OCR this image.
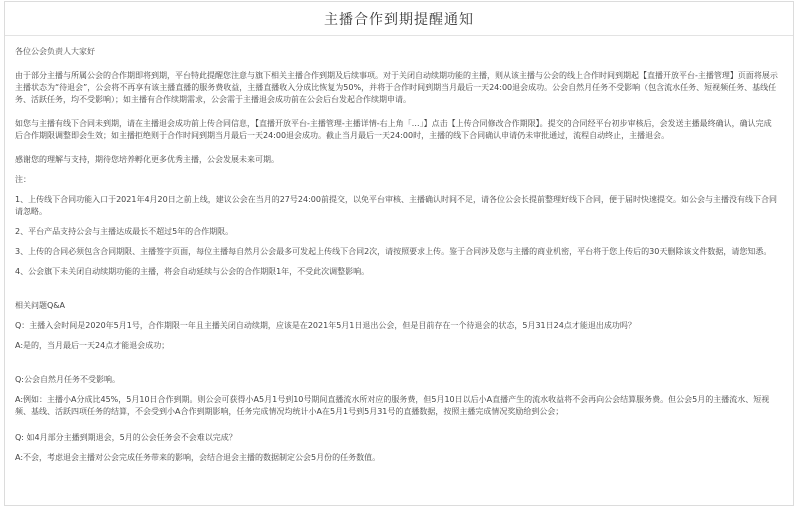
主播合作到期提醒通知

各位公会负责人大家好

由于部分主播与所属公会的合作期即将到期，平台特此提醒您注意与旗下相关主播合作到期及后续事项。对于关闭自动续期功能的主播，则从该主播与公会的线上合作时间到期起【直播开放平台-主播管理】页面将展示主播状态为“待退会”，公会将不再享有该主播直播的服务费收益，主播直播收入分成比恢复为50%，并将于合作时间到期当月最后一天24:00退会成功。公会自然月任务不受影响（包含流水任务、短视频任务、基线任务、活跃任务，均不受影响）；如主播有合作续期需求，公会需于主播退会成功前在公会后台发起合作续期申请。

如您与主播有线下合同未到期，请在主播退会成功前上传合同信息，【直播开放平台-主播管理-主播详情-右上角「…」】点击【上传合同修改合作期限】。提交的合同经平台初步审核后，会发送主播最终确认，确认完成后合作期限调整即会生效；如主播拒绝则于合作时间到期当月最后一天24:00退会成功。截止当月最后一天24:00时，主播的线下合同确认申请仍未审批通过，流程自动终止，主播退会。

感谢您的理解与支持，期待您培养孵化更多优秀主播，公会发展未来可期。

注：

1、上传线下合同功能入口于2021年4月20日之前上线，建议公会在当月的27号24:00前提交，以免平台审核、主播确认时间不足，请各位公会长提前整理好线下合同，便于届时快速提交。如公会与主播没有线下合同请忽略。

2、平台产品支持公会与主播达成最长不超过5年的合作期限。

3、上传的合同必须包含合同期限、主播签字页面，每位主播每自然月公会最多可发起上传线下合同2次，请按照要求上传。鉴于合同涉及您与主播的商业机密，平台将于您上传后的30天删除该文件数据，请您知悉。

4、公会旗下未关闭自动续期功能的主播，将会自动延续与公会的合作期限1年，不受此次调整影响。

相关问题Q&A

Q：主播入会时间是2020年5月1号，合作期限一年且主播关闭自动续期，应该是在2021年5月1日退出公会，但是目前存在一个待退会的状态，5月31日24点才能退出成功吗？

A:是的，当月最后一天24点才能退会成功；

Q:公会自然月任务不受影响。

A:例如：主播小A分成比45%，5月10日合作到期。则公会可获得小A5月1号到10号期间直播流水所对应的服务费，但5月10日以后小A直播产生的流水收益将不会再向公会结算服务费。但公会5月的主播流水、短视频、基线、活跃四项任务的结算，不会受到小A合作到期影响，任务完成情况均统计小A在5月1号到5月31号的直播数据，按照主播完成情况奖励给到公会；

Q: 如4月部分主播到期退会，5月的公会任务会不会难以完成？

A:不会，考虑退会主播对公会完成任务带来的影响，会结合退会主播的数据制定公会5月份的任务数值。
